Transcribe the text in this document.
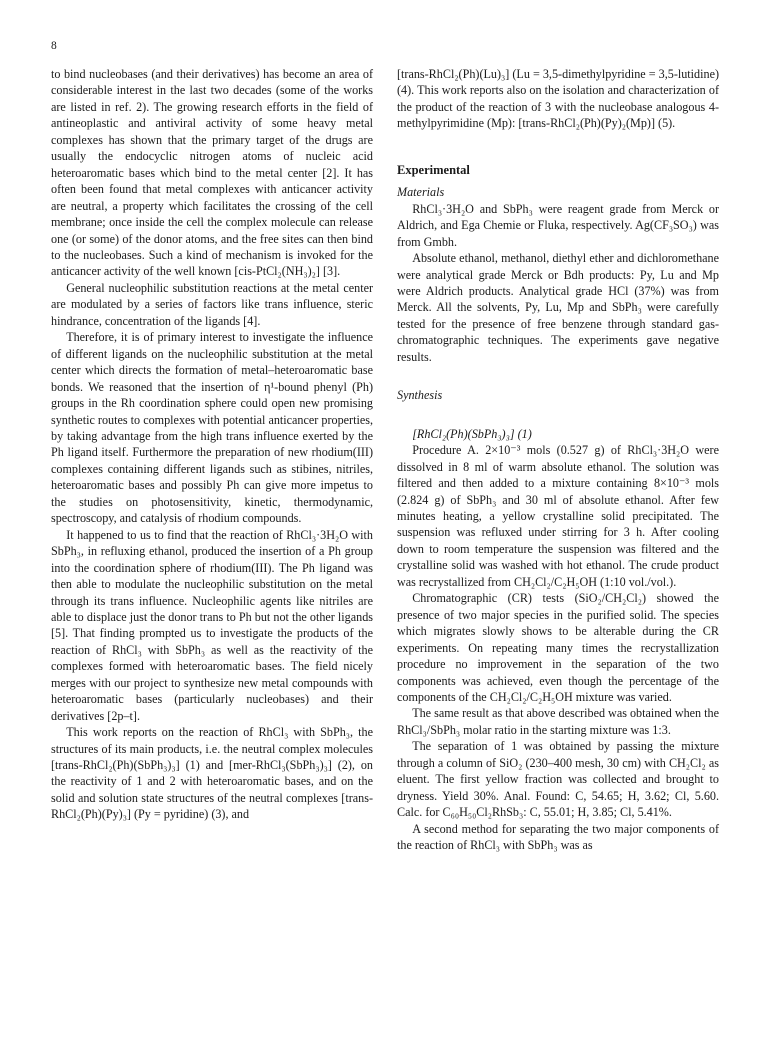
8

to bind nucleobases (and their derivatives) has become an area of considerable interest in the last two decades (some of the works are listed in ref. 2). The growing research efforts in the field of antineoplastic and antiviral activity of some heavy metal complexes has shown that the primary target of the drugs are usually the endocyclic nitrogen atoms of nucleic acid heteroaromatic bases which bind to the metal center [2]. It has often been found that metal complexes with anticancer activity are neutral, a property which facilitates the crossing of the cell membrane; once inside the cell the complex molecule can release one (or some) of the donor atoms, and the free sites can then bind to the nucleobases. Such a kind of mechanism is invoked for the anticancer activity of the well known [cis-PtCl₂(NH₃)₂] [3].

General nucleophilic substitution reactions at the metal center are modulated by a series of factors like trans influence, steric hindrance, concentration of the ligands [4].

Therefore, it is of primary interest to investigate the influence of different ligands on the nucleophilic substitution at the metal center which directs the formation of metal–heteroaromatic base bonds. We reasoned that the insertion of η¹-bound phenyl (Ph) groups in the Rh coordination sphere could open new promising synthetic routes to complexes with potential anticancer properties, by taking advantage from the high trans influence exerted by the Ph ligand itself. Furthermore the preparation of new rhodium(III) complexes containing different ligands such as stibines, nitriles, heteroaromatic bases and possibly Ph can give more impetus to the studies on photosensitivity, kinetic, thermodynamic, spectroscopy, and catalysis of rhodium compounds.

It happened to us to find that the reaction of RhCl₃·3H₂O with SbPh₃, in refluxing ethanol, produced the insertion of a Ph group into the coordination sphere of rhodium(III). The Ph ligand was then able to modulate the nucleophilic substitution on the metal through its trans influence. Nucleophilic agents like nitriles are able to displace just the donor trans to Ph but not the other ligands [5]. That finding prompted us to investigate the products of the reaction of RhCl₃ with SbPh₃ as well as the reactivity of the complexes formed with heteroaromatic bases. The field nicely merges with our project to synthesize new metal compounds with heteroaromatic bases (particularly nucleobases) and their derivatives [2p–t].

This work reports on the reaction of RhCl₃ with SbPh₃, the structures of its main products, i.e. the neutral complex molecules [trans-RhCl₂(Ph)(SbPh₃)₃] (1) and [mer-RhCl₃(SbPh₃)₃] (2), on the reactivity of 1 and 2 with heteroaromatic bases, and on the solid and solution state structures of the neutral complexes [trans-RhCl₂(Ph)(Py)₃] (Py = pyridine) (3), and

[trans-RhCl₂(Ph)(Lu)₃] (Lu = 3,5-dimethylpyridine = 3,5-lutidine) (4). This work reports also on the isolation and characterization of the product of the reaction of 3 with the nucleobase analogous 4-methylpyrimidine (Mp): [trans-RhCl₂(Ph)(Py)₂(Mp)] (5).

Experimental
Materials

RhCl₃·3H₂O and SbPh₃ were reagent grade from Merck or Aldrich, and Ega Chemie or Fluka, respectively. Ag(CF₃SO₃) was from Gmbh.

Absolute ethanol, methanol, diethyl ether and dichloromethane were analytical grade Merck or Bdh products: Py, Lu and Mp were Aldrich products. Analytical grade HCl (37%) was from Merck. All the solvents, Py, Lu, Mp and SbPh₃ were carefully tested for the presence of free benzene through standard gas-chromatographic techniques. The experiments gave negative results.

Synthesis
[RhCl₂(Ph)(SbPh₃)₃] (1)

Procedure A. 2×10⁻³ mols (0.527 g) of RhCl₃·3H₂O were dissolved in 8 ml of warm absolute ethanol. The solution was filtered and then added to a mixture containing 8×10⁻³ mols (2.824 g) of SbPh₃ and 30 ml of absolute ethanol. After few minutes heating, a yellow crystalline solid precipitated. The suspension was refluxed under stirring for 3 h. After cooling down to room temperature the suspension was filtered and the crystalline solid was washed with hot ethanol. The crude product was recrystallized from CH₂Cl₂/C₂H₅OH (1:10 vol./vol.).

Chromatographic (CR) tests (SiO₂/CH₂Cl₂) showed the presence of two major species in the purified solid. The species which migrates slowly shows to be alterable during the CR experiments. On repeating many times the recrystallization procedure no improvement in the separation of the two components was achieved, even though the percentage of the components of the CH₂Cl₂/C₂H₅OH mixture was varied.

The same result as that above described was obtained when the RhCl₃/SbPh₃ molar ratio in the starting mixture was 1:3.

The separation of 1 was obtained by passing the mixture through a column of SiO₂ (230–400 mesh, 30 cm) with CH₂Cl₂ as eluent. The first yellow fraction was collected and brought to dryness. Yield 30%. Anal. Found: C, 54.65; H, 3.62; Cl, 5.60. Calc. for C₆₀H₅₀Cl₂RhSb₃: C, 55.01; H, 3.85; Cl, 5.41%.

A second method for separating the two major components of the reaction of RhCl₃ with SbPh₃ was as
